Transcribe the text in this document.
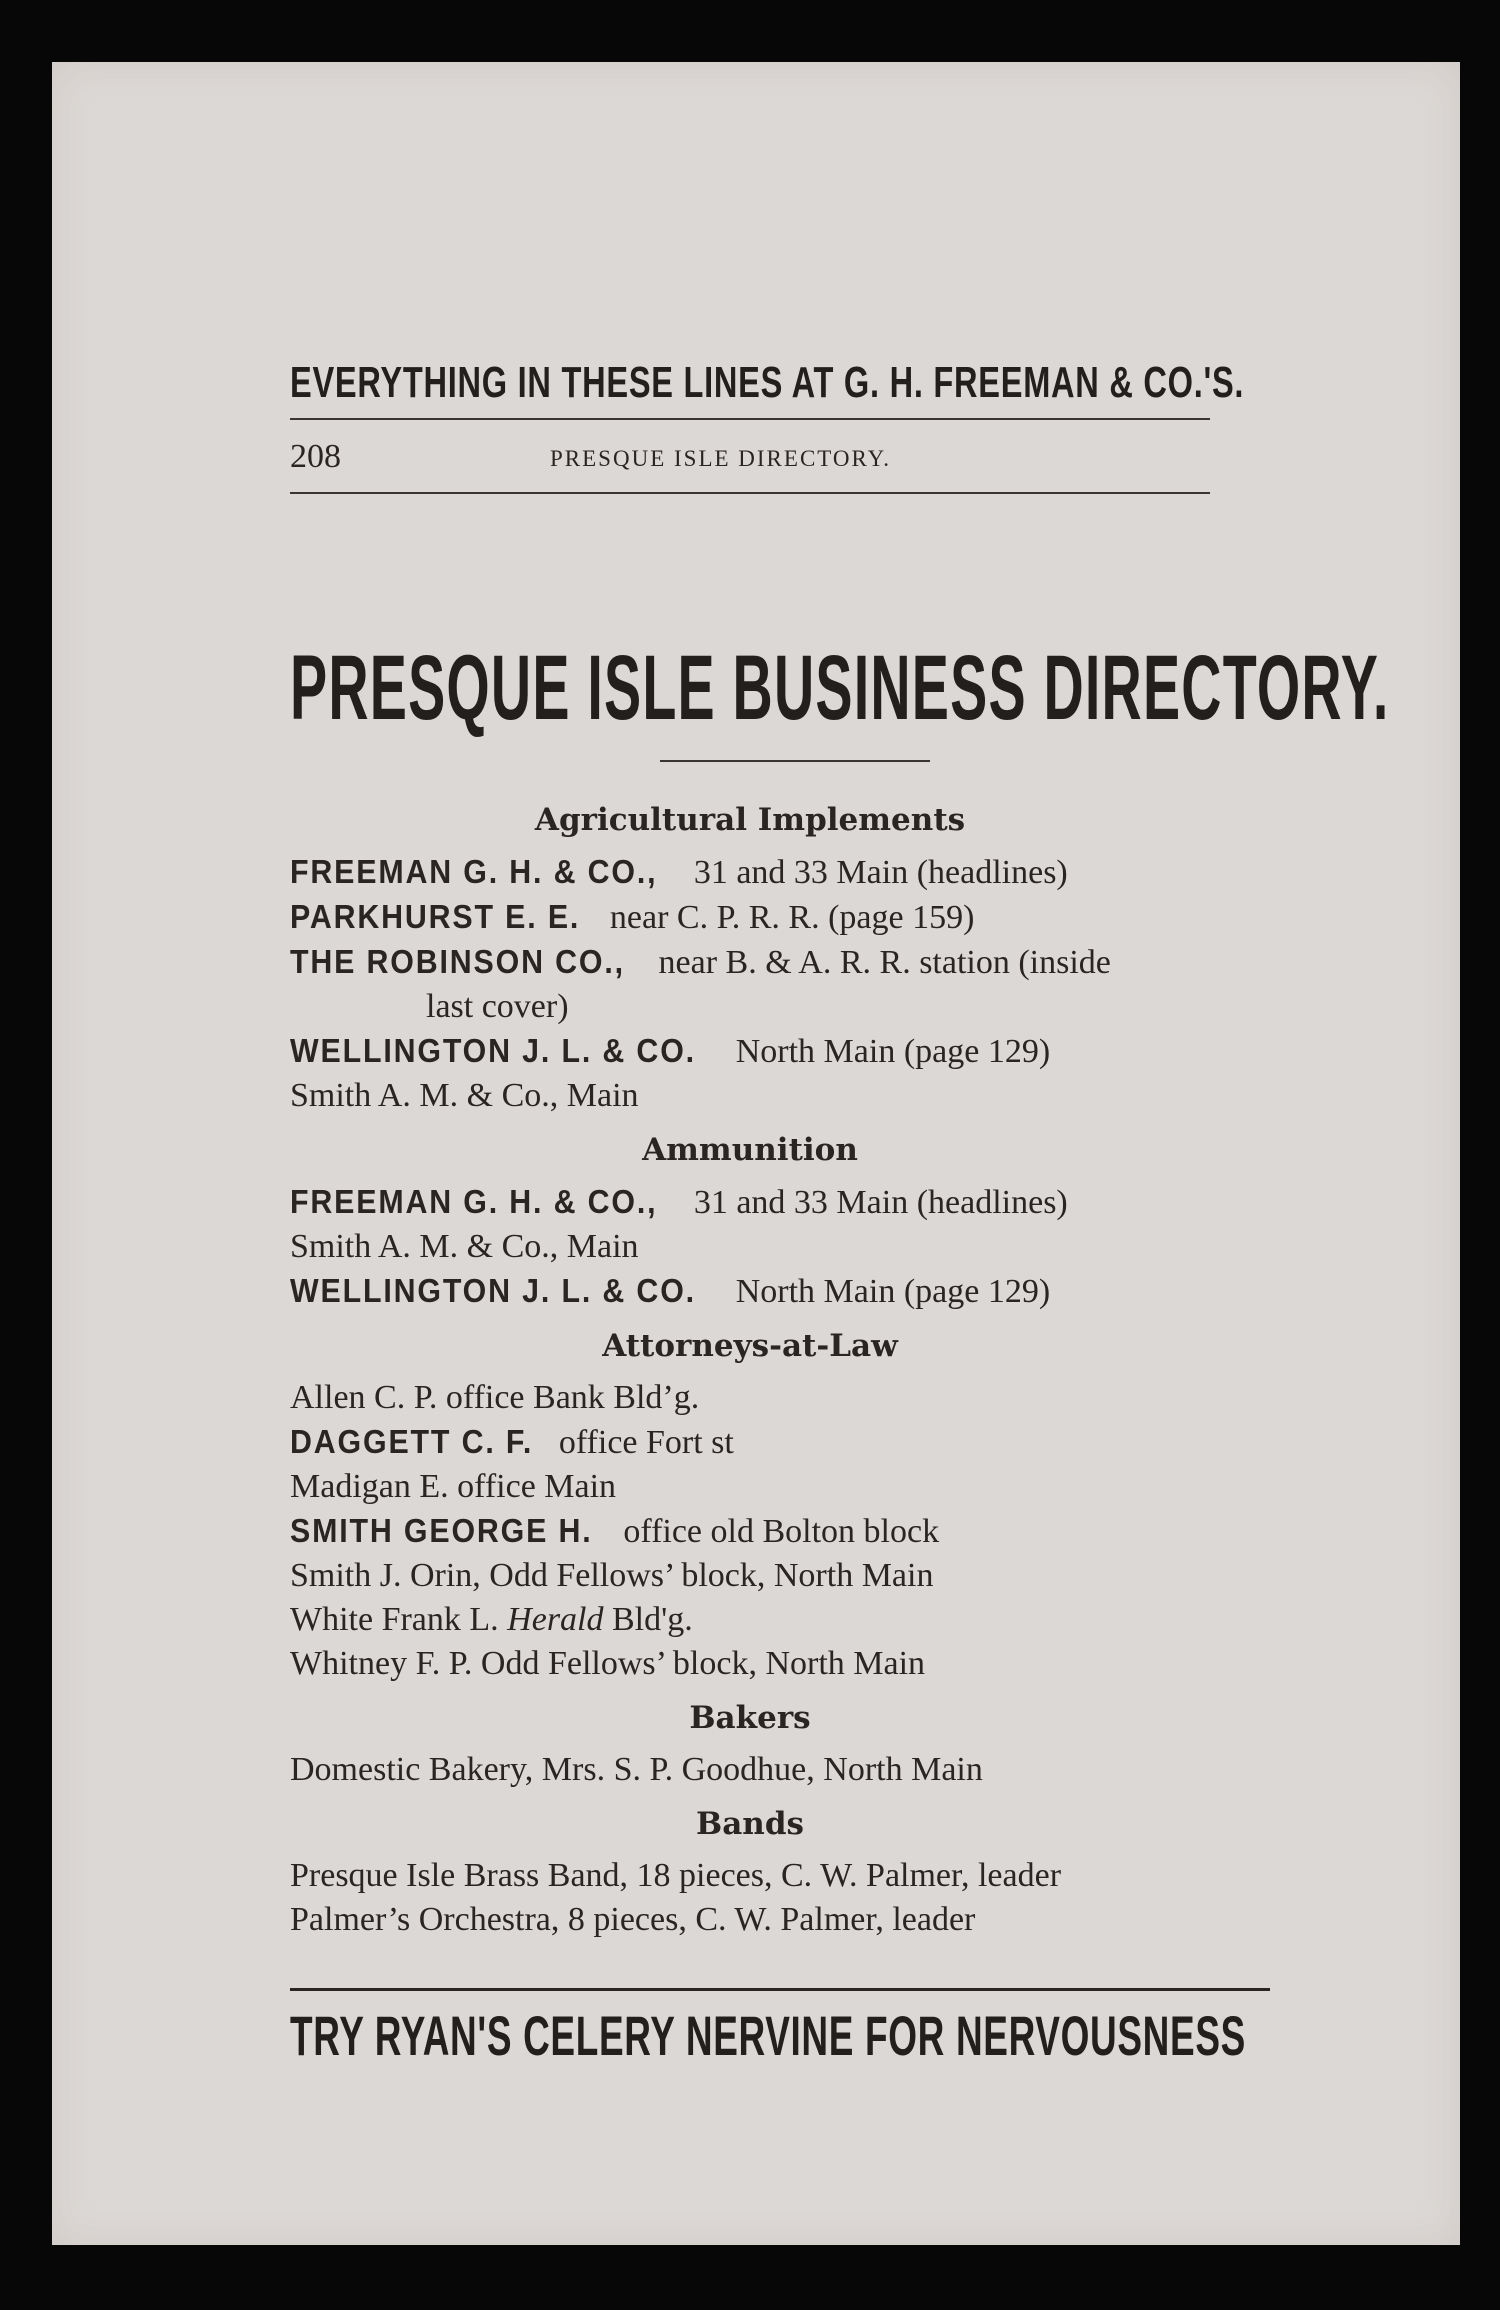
EVERYTHING IN THESE LINES AT G. H. FREEMAN & CO.'S.
208	PRESQUE ISLE DIRECTORY.
PRESQUE ISLE BUSINESS DIRECTORY.
Agricultural Implements
FREEMAN G. H. & CO., 31 and 33 Main (headlines)
PARKHURST E. E. near C. P. R. R. (page 159)
THE ROBINSON CO., near B. & A. R. R. station (inside
last cover)
WELLINGTON J. L. & CO. North Main (page 129)
Smith A. M. & Co., Main
Ammunition
FREEMAN G. H. & CO., 31 and 33 Main (headlines)
Smith A. M. & Co., Main
WELLINGTON J. L. & CO. North Main (page 129)
Attorneys-at-Law
Allen C. P. office Bank Bld’g.
DAGGETT C. F. office Fort st
Madigan E. office Main
SMITH GEORGE H. office old Bolton block
Smith J. Orin, Odd Fellows’ block, North Main
White Frank L. Herald Bld'g.
Whitney F. P. Odd Fellows’ block, North Main
Bakers
Domestic Bakery, Mrs. S. P. Goodhue, North Main
Bands
Presque Isle Brass Band, 18 pieces, C. W. Palmer, leader
Palmer’s Orchestra, 8 pieces, C. W. Palmer, leader
TRY RYAN'S CELERY NERVINE FOR NERVOUSNESS
